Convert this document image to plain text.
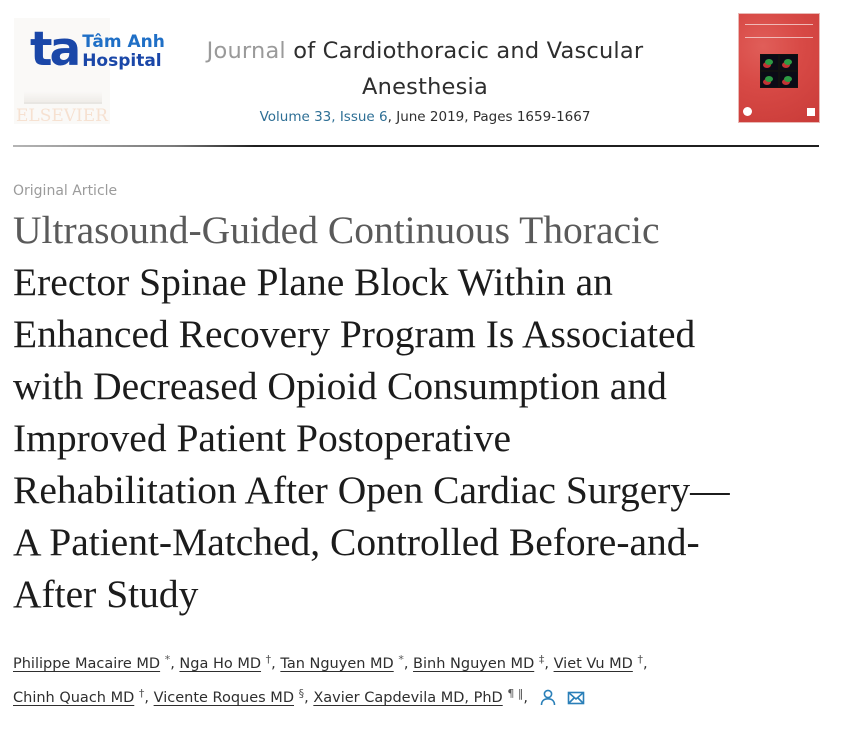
ELSEVIER
ta Tâm Anh
Hospital	Journal of Cardiothoracic and Vascular Anesthesia
Volume 33, Issue 6, June 2019, Pages 1659-1667
Original Article
Ultrasound-Guided Continuous Thoracic
Erector Spinae Plane Block Within an
Enhanced Recovery Program Is Associated
with Decreased Opioid Consumption and
Improved Patient Postoperative
Rehabilitation After Open Cardiac Surgery—
A Patient-Matched, Controlled Before-and-
After Study
Philippe Macaire MD *, Nga Ho MD †, Tan Nguyen MD *, Binh Nguyen MD ‡, Viet Vu MD †,
Chinh Quach MD †, Vicente Roques MD §, Xavier Capdevila MD, PhD ¶ ‖,
